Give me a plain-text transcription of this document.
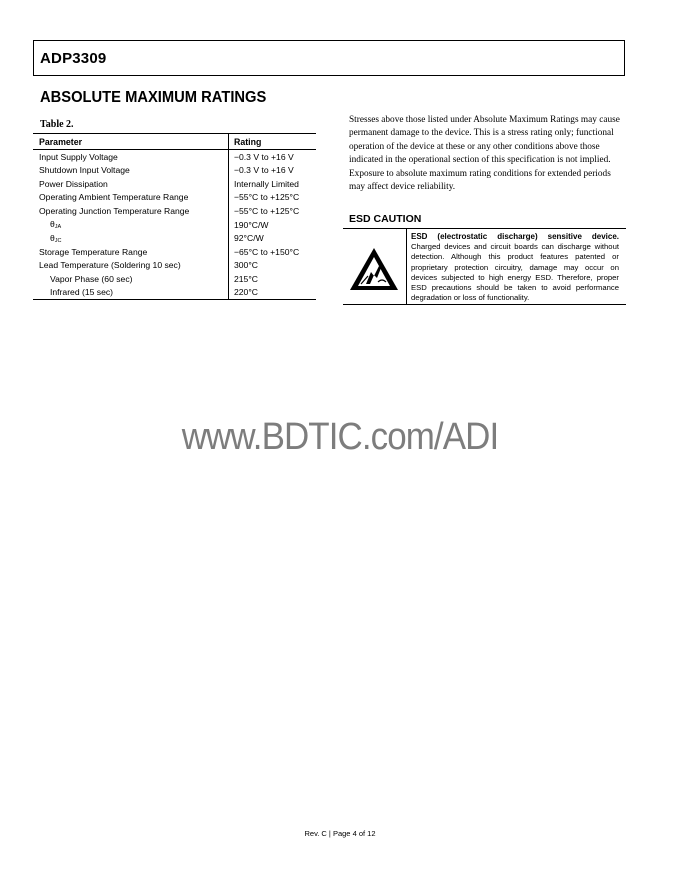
ADP3309
ABSOLUTE MAXIMUM RATINGS
Table 2.
Parameter	Rating
Input Supply Voltage	−0.3 V to +16 V
Shutdown Input Voltage	−0.3 V to +16 V
Power Dissipation	Internally Limited
Operating Ambient Temperature Range	−55°C to +125°C
Operating Junction Temperature Range	−55°C to +125°C
θJA	190°C/W
θJC	92°C/W
Storage Temperature Range	−65°C to +150°C
Lead Temperature (Soldering 10 sec)	300°C
Vapor Phase (60 sec)	215°C
Infrared (15 sec)	220°C
Stresses above those listed under Absolute Maximum Ratings may cause permanent damage to the device. This is a stress rating only; functional operation of the device at these or any other conditions above those indicated in the operational section of this specification is not implied. Exposure to absolute maximum rating conditions for extended periods may affect device reliability.
ESD CAUTION
ESD (electrostatic discharge) sensitive device. Charged devices and circuit boards can discharge without detection. Although this product features patented or proprietary protection circuitry, damage may occur on devices subjected to high energy ESD. Therefore, proper ESD precautions should be taken to avoid performance degradation or loss of functionality.
www.BDTIC.com/ADI
Rev. C | Page 4 of 12
